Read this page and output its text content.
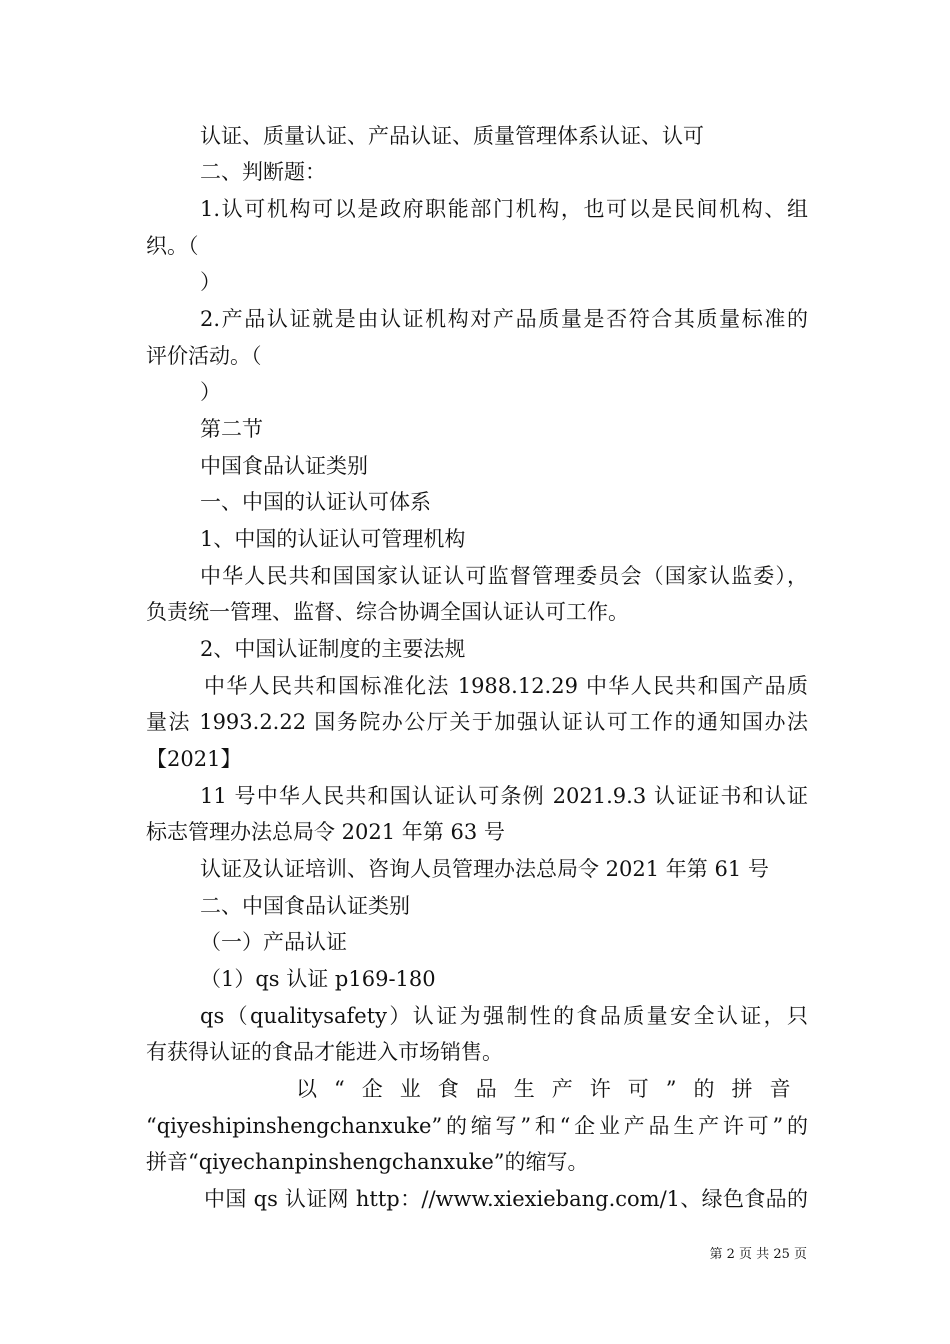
认证、质量认证、产品认证、质量管理体系认证、认可
二、判断题：
1.认可机构可以是政府职能部门机构，也可以是民间机构、组
织。（
）
2.产品认证就是由认证机构对产品质量是否符合其质量标准的
评价活动。（
）
第二节
中国食品认证类别
一、中国的认证认可体系
1、中国的认证认可管理机构
中华人民共和国国家认证认可监督管理委员会（国家认监委），
负责统一管理、监督、综合协调全国认证认可工作。
2、中国认证制度的主要法规
中华人民共和国标准化法 1988.12.29 中华人民共和国产品质
量法 1993.2.22 国务院办公厅关于加强认证认可工作的通知国办法
【2021】
11 号中华人民共和国认证认可条例 2021.9.3 认证证书和认证
标志管理办法总局令 2021 年第 63 号
认证及认证培训、咨询人员管理办法总局令 2021 年第 61 号
二、中国食品认证类别
（一）产品认证
（1）qs 认证 p169-180
qs（qualitysafety）认证为强制性的食品质量安全认证，只
有获得认证的食品才能进入市场销售。
以“企业食品生产许可”的拼音
“qiyeshipinshengchanxuke”的缩写”和“企业产品生产许可”的
拼音“qiyechanpinshengchanxuke”的缩写。
中国 qs 认证网 http：//www.xiexiebang.com/1、绿色食品的
第 2 页 共 25 页
